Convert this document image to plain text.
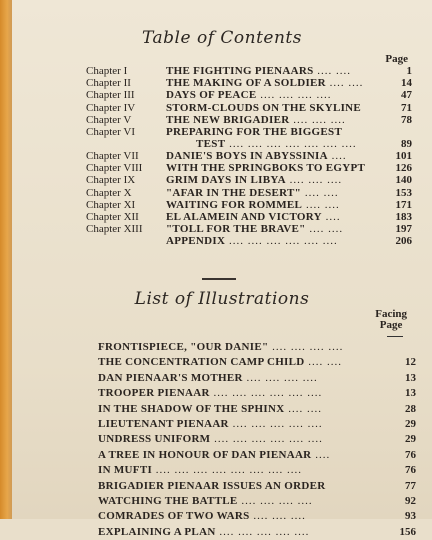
Table of Contents
Page
Chapter I	THE FIGHTING PIENAARS .... ....	1
Chapter II	THE MAKING OF A SOLDIER .... ....	14
Chapter III	DAYS OF PEACE .... .... .... ....	47
Chapter IV	STORM-CLOUDS ON THE SKYLINE	71
Chapter V	THE NEW BRIGADIER .... .... ....	78
Chapter VI	PREPARING FOR THE BIGGEST
TEST .... .... .... .... .... .... ....	89
Chapter VII	DANIE'S BOYS IN ABYSSINIA ....	101
Chapter VIII	WITH THE SPRINGBOKS TO EGYPT	126
Chapter IX	GRIM DAYS IN LIBYA .... .... ....	140
Chapter X	"AFAR IN THE DESERT" .... ....	153
Chapter XI	WAITING FOR ROMMEL .... ....	171
Chapter XII	EL ALAMEIN AND VICTORY ....	183
Chapter XIII	"TOLL FOR THE BRAVE" .... ....	197
APPENDIX .... .... .... .... .... ....	206
List of Illustrations
Facing
Page
FRONTISPIECE, "OUR DANIE" .... .... .... ....
THE CONCENTRATION CAMP CHILD .... ....	12
DAN PIENAAR'S MOTHER .... .... .... ....	13
TROOPER PIENAAR .... .... .... .... .... ....	13
IN THE SHADOW OF THE SPHINX .... ....	28
LIEUTENANT PIENAAR .... .... .... .... ....	29
UNDRESS UNIFORM .... .... .... .... .... ....	29
A TREE IN HONOUR OF DAN PIENAAR ....	76
IN MUFTI .... .... .... .... .... .... .... ....	76
BRIGADIER PIENAAR ISSUES AN ORDER	77
WATCHING THE BATTLE .... .... .... ....	92
COMRADES OF TWO WARS .... .... ....	93
EXPLAINING A PLAN .... .... .... .... ....	156
